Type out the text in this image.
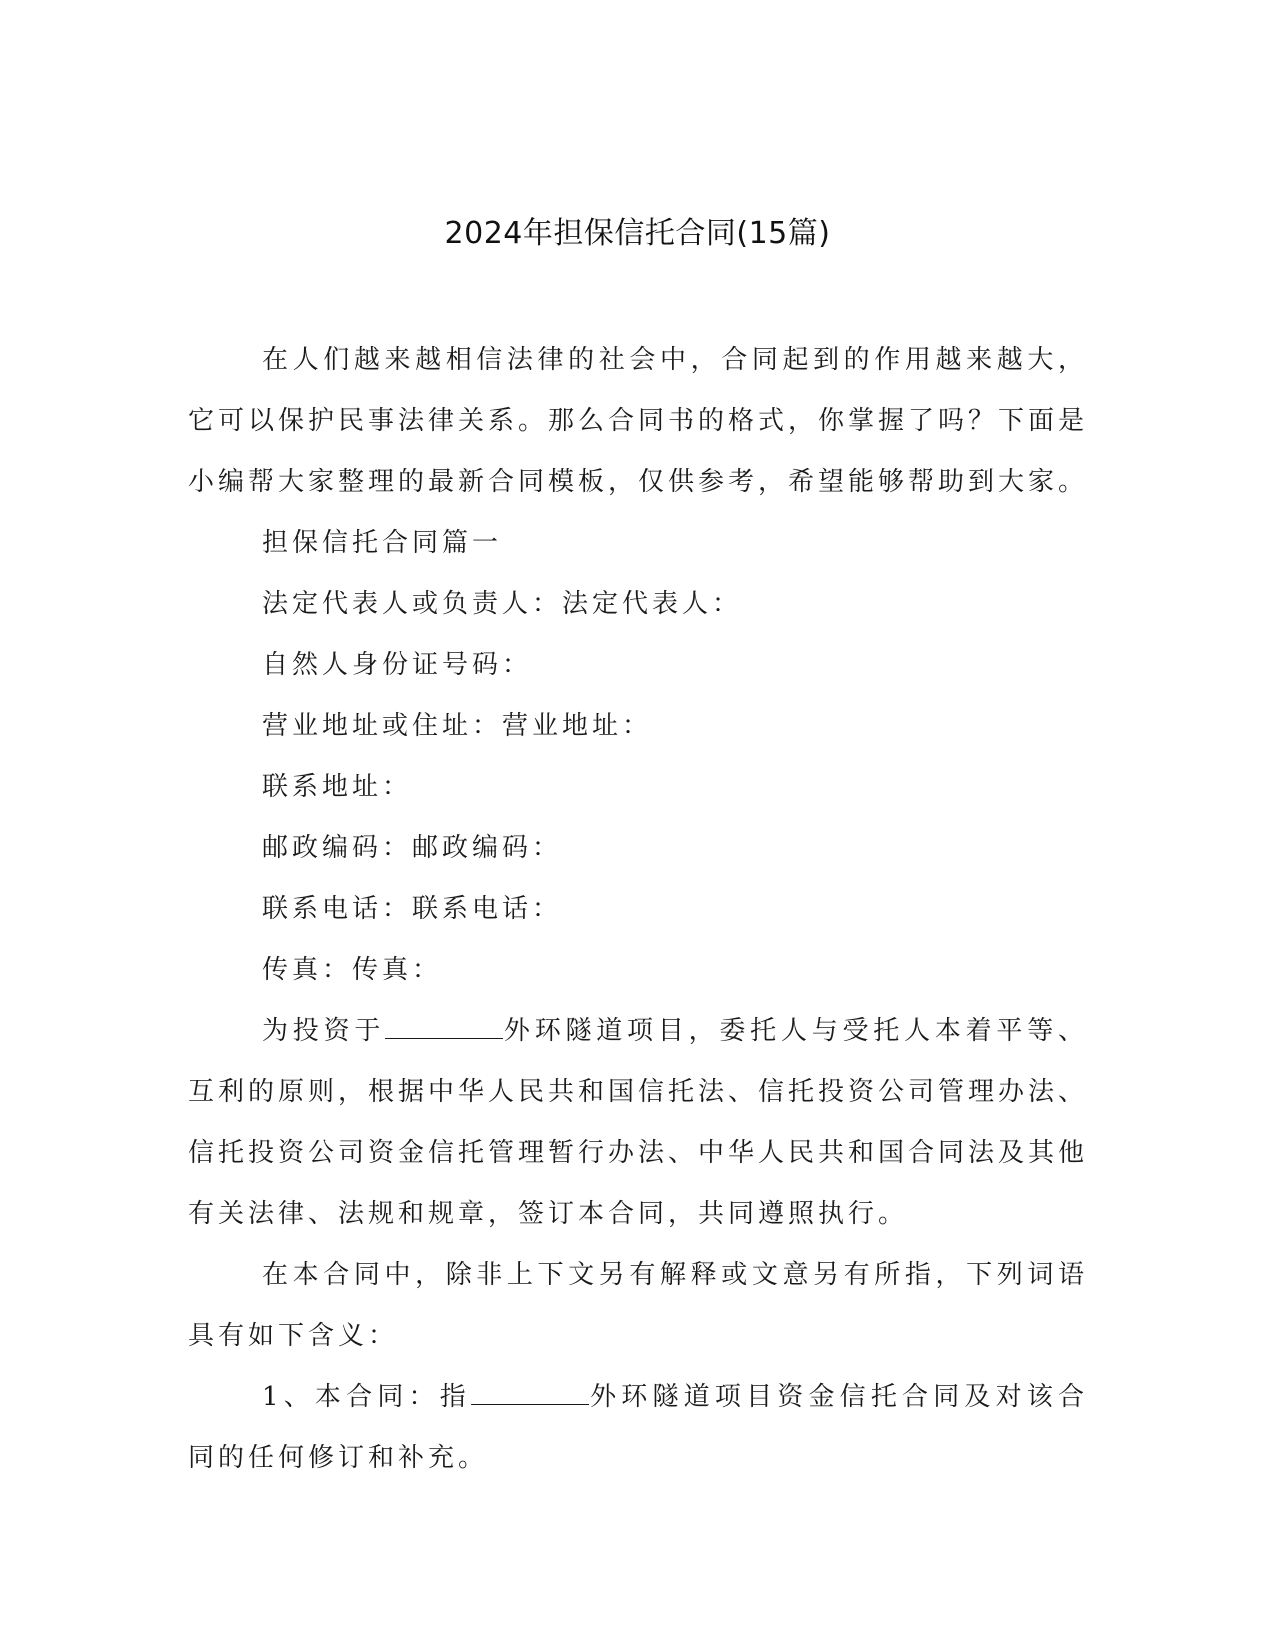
2024年担保信托合同(15篇)

在人们越来越相信法律的社会中，合同起到的作用越来越大，它可以保护民事法律关系。那么合同书的格式，你掌握了吗？下面是小编帮大家整理的最新合同模板，仅供参考，希望能够帮助到大家。

担保信托合同篇一

法定代表人或负责人：法定代表人：

自然人身份证号码：

营业地址或住址：营业地址：

联系地址：

邮政编码：邮政编码：

联系电话：联系电话：

传真：传真：

为投资于	外环隧道项目，委托人与受托人本着平等、互利的原则，根据中华人民共和国信托法、信托投资公司管理办法、信托投资公司资金信托管理暂行办法、中华人民共和国合同法及其他有关法律、法规和规章，签订本合同，共同遵照执行。

在本合同中，除非上下文另有解释或文意另有所指，下列词语具有如下含义：

1、本合同：指	外环隧道项目资金信托合同及对该合同的任何修订和补充。
